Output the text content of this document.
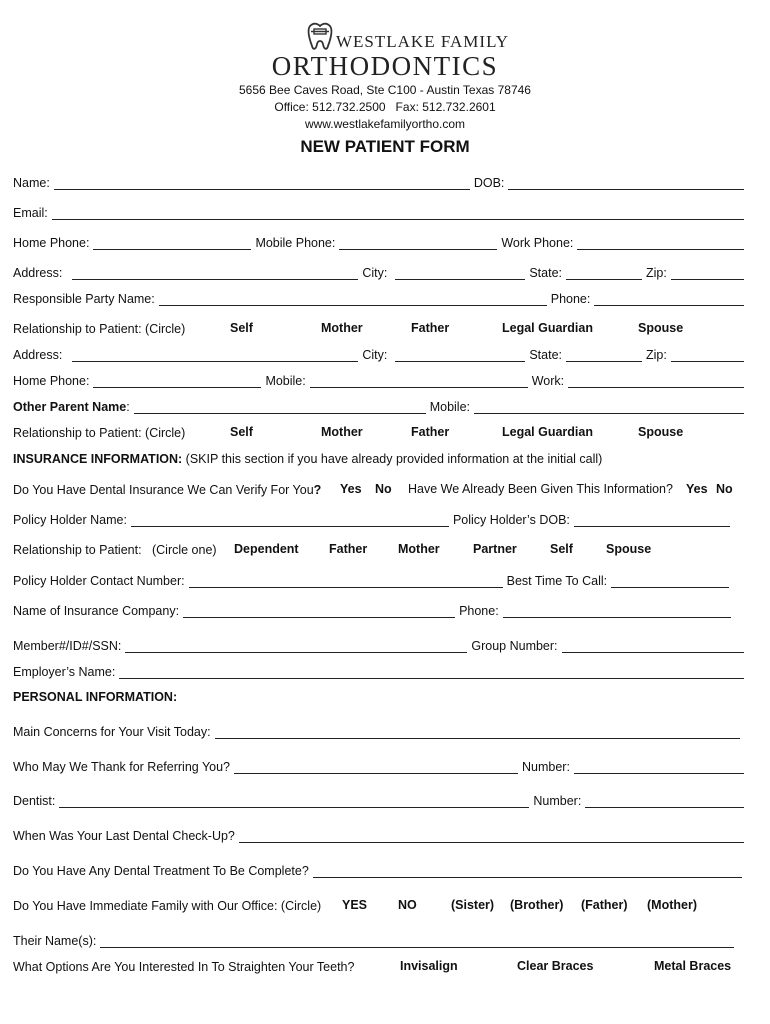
WESTLAKE FAMILY
ORTHODONTICS
5656 Bee Caves Road, Ste C100 - Austin Texas 78746
Office: 512.732.2500   Fax: 512.732.2601
www.westlakefamilyortho.com
NEW PATIENT FORM
Name:	DOB:
Email:
Home Phone:	Mobile Phone:	Work Phone:
Address:	City:	State:	Zip:
Responsible Party Name:	Phone:
Relationship to Patient: (Circle)	Self	Mother	Father	Legal Guardian	Spouse
Address:	City:	State:	Zip:
Home Phone:	Mobile:	Work:
Other Parent Name :	Mobile:
Relationship to Patient: (Circle)	Self	Mother	Father	Legal Guardian	Spouse
INSURANCE INFORMATION: (SKIP this section if you have already provided information at the initial call)
Do You Have Dental Insurance We Can Verify For You ? Yes No Have We Already Been Given This Information? Yes No
Policy Holder Name:	Policy Holder’s DOB:
Relationship to Patient:   (Circle one) Dependent Father Mother	Partner	Self	Spouse
Policy Holder Contact Number:	Best Time To Call:
Name of Insurance Company:	Phone:
Member#/ID#/SSN:	Group Number:
Employer’s Name:
PERSONAL INFORMATION:
Main Concerns for Your Visit Today:
Who May We Thank for Referring You?	Number:
Dentist:	Number:
When Was Your Last Dental Check-Up?
Do You Have Any Dental Treatment To Be Complete?
Do You Have Immediate Family with Our Office: (Circle) YES NO	(Sister) (Brother) (Father) (Mother)
Their Name(s):
What Options Are You Interested In To Straighten Your Teeth?	Invisalign	Clear Braces	Metal Braces
